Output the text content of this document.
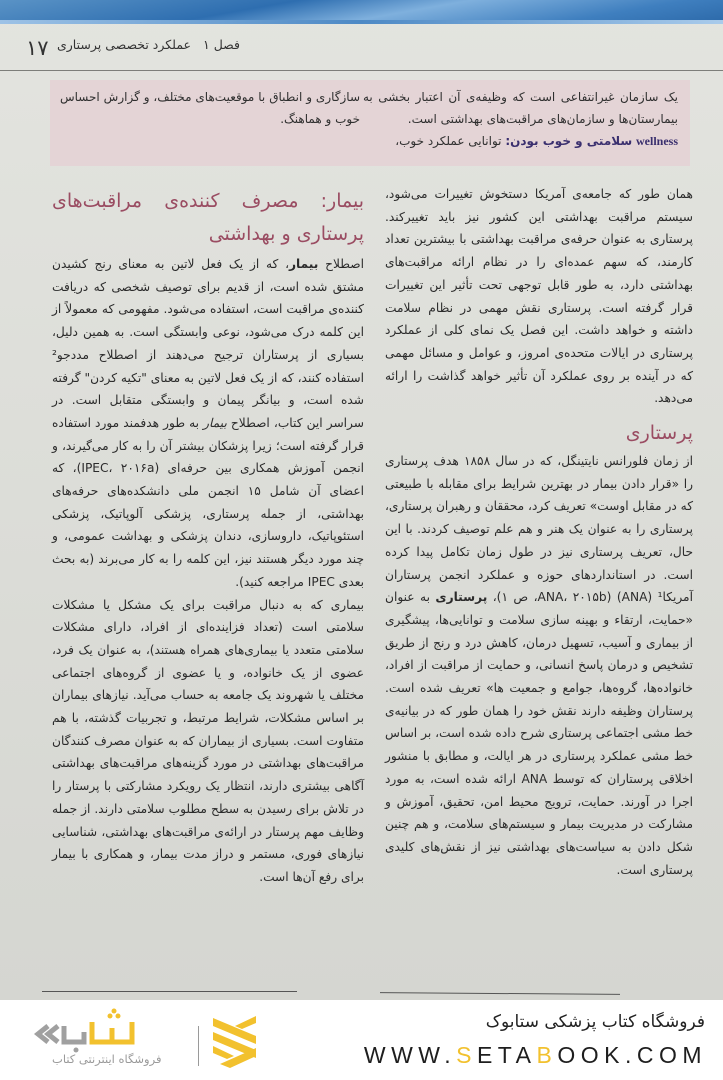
۱۷	فصل ۱
عملکرد تخصصی پرستاری
یک سازمان غیرانتفاعی است که وظیفه‌ی آن اعتبار بخشی به بیمارستان‌ها و سازمان‌های مراقبت‌های بهداشتی است.
wellness سلامتی و خوب بودن: توانایی عملکرد خوب،
سازگاری و انطباق با موقعیت‌های مختلف، و گزارش احساس خوب و هماهنگ.

همان طور که جامعه‌ی آمریکا دستخوش تغییرات می‌شود، سیستم مراقبت بهداشتی این کشور نیز باید تغییرکند. پرستاری به عنوان حرفه‌ی مراقبت بهداشتی با بیشترین تعداد کارمند، که سهم عمده‌ای را در نظام ارائه مراقبت‌های بهداشتی دارد، به طور قابل توجهی تحت تأثیر این تغییرات قرار گرفته است. پرستاری نقش مهمی در نظام سلامت داشته و خواهد داشت. این فصل یک نمای کلی از عملکرد پرستاری در ایالات متحده‌ی امروز، و عوامل و مسائل مهمی که در آینده بر روی عملکرد آن تأثیر خواهد گذاشت را ارائه می‌دهد.

پرستاری

از زمان فلورانس نایتینگل، که در سال ۱۸۵۸ هدف پرستاری را «قرار دادن بیمار در بهترین شرایط برای مقابله با طبیعتی که در مقابل اوست» تعریف کرد، محققان و رهبران پرستاری، پرستاری را به عنوان یک هنر و هم علم توصیف کردند. با این حال، تعریف پرستاری نیز در طول زمان تکامل پیدا کرده است. در استانداردهای حوزه و عملکرد انجمن پرستاران آمریکا¹ (ANA) (ANA، ۲۰۱۵b، ص ۱)، پرستاری به عنوان «حمایت، ارتقاء و بهینه سازی سلامت و توانایی‌ها، پیشگیری از بیماری و آسیب، تسهیل درمان، کاهش درد و رنج از طریق تشخیص و درمان پاسخ انسانی، و حمایت از مراقبت از افراد، خانواده‌ها، گروه‌ها، جوامع و جمعیت ها» تعریف شده است. پرستاران وظیفه دارند نقش خود را همان طور که در بیانیه‌ی خط مشی اجتماعی پرستاری شرح داده شده است، بر اساس خط مشی عملکرد پرستاری در هر ایالت، و مطابق با منشور اخلاقی پرستاران که توسط ANA ارائه شده است، به مورد اجرا در آورند. حمایت، ترویج محیط امن، تحقیق، آموزش و مشارکت در مدیریت بیمار و سیستم‌های سلامت، و هم چنین شکل دادن به سیاست‌های بهداشتی نیز از نقش‌های کلیدی پرستاری است.

بیمار: مصرف کننده‌ی مراقبت‌های پرستاری و بهداشتی

اصطلاح بیمار، که از یک فعل لاتین به معنای رنج کشیدن مشتق شده است، از قدیم برای توصیف شخصی که دریافت کننده‌ی مراقبت است، استفاده می‌شود. مفهومی که معمولاً از این کلمه درک می‌شود، نوعی وابستگی است. به همین دلیل، بسیاری از پرستاران ترجیح می‌دهند از اصطلاح مددجو² استفاده کنند، که از یک فعل لاتین به معنای "تکیه کردن" گرفته شده است، و بیانگر پیمان و وابستگی متقابل است. در سراسر این کتاب، اصطلاح بیمار به طور هدفمند مورد استفاده قرار گرفته است؛ زیرا پزشکان بیشتر آن را به کار می‌گیرند، و انجمن آموزش همکاری بین حرفه‌ای (IPEC، ۲۰۱۶a)، که اعضای آن شامل ۱۵ انجمن ملی دانشکده‌های حرفه‌های بهداشتی، از جمله پرستاری، پزشکی آلوپاتیک، پزشکی استئوپاتیک، داروسازی، دندان پزشکی و بهداشت عمومی، و چند مورد دیگر هستند نیز، این کلمه را به کار می‌برند (به بحث بعدی IPEC مراجعه کنید).

بیماری که به دنبال مراقبت برای یک مشکل یا مشکلات سلامتی است (تعداد فزاینده‌ای از افراد، دارای مشکلات سلامتی متعدد یا بیماری‌های همراه هستند)، به عنوان یک فرد، عضوی از یک خانواده، و یا عضوی از گروه‌های اجتماعی مختلف یا شهروند یک جامعه به حساب می‌آید. نیازهای بیماران بر اساس مشکلات، شرایط مرتبط، و تجربیات گذشته، با هم متفاوت است. بسیاری از بیماران که به عنوان مصرف کنندگان مراقبت‌های بهداشتی در مورد گزینه‌های مراقبت‌های بهداشتی آگاهی بیشتری دارند، انتظار یک رویکرد مشارکتی با پرستار را در تلاش برای رسیدن به سطح مطلوب سلامتی دارند. از جمله وظایف مهم پرستار در ارائه‌ی مراقبت‌های بهداشتی، شناسایی نیازهای فوری، مستمر و دراز مدت بیمار، و همکاری با بیمار برای رفع آن‌ها است.

فروشگاه اینترنتی کتاب
فروشگاه کتاب پزشکی ستابوک
WWW.SETABOOK.COM
